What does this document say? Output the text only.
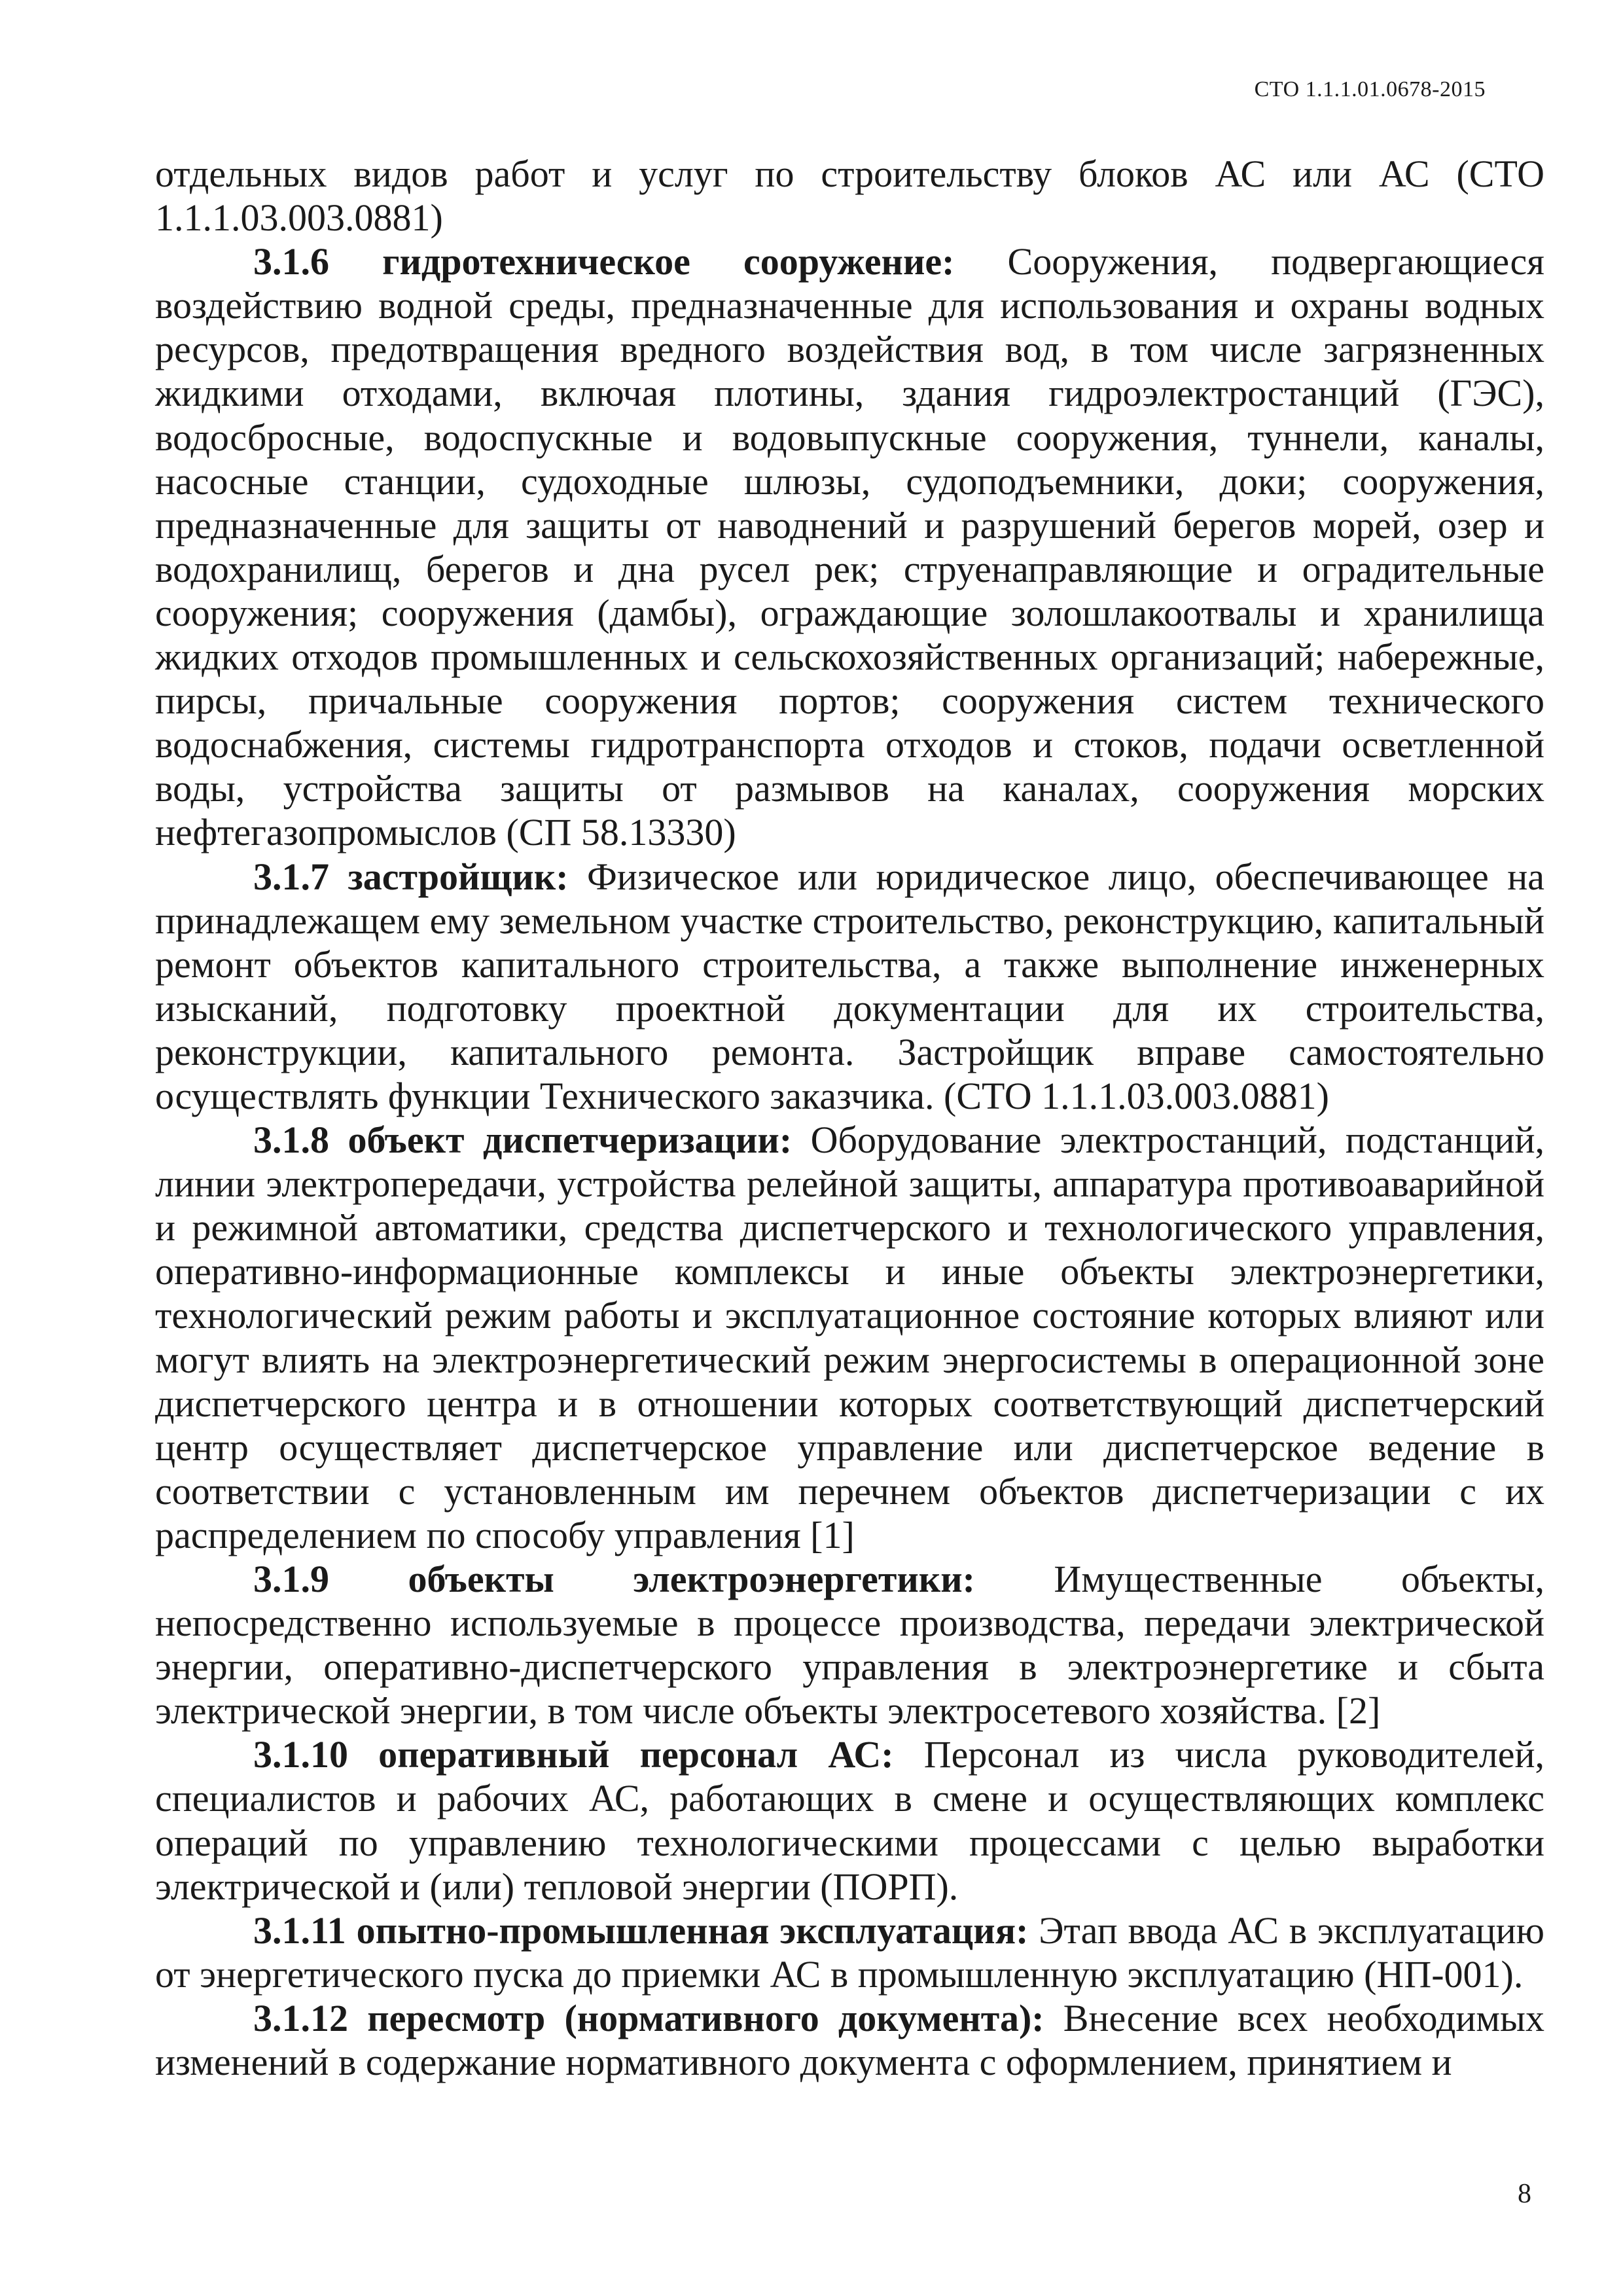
СТО 1.1.1.01.0678-2015

отдельных видов работ и услуг по строительству блоков АС или АС (СТО 1.1.1.03.003.0881)

3.1.6 гидротехническое сооружение: Сооружения, подвергающиеся воздействию водной среды, предназначенные для использования и охраны водных ресурсов, предотвращения вредного воздействия вод, в том числе загрязненных жидкими отходами, включая плотины, здания гидроэлектростанций (ГЭС), водосбросные, водоспускные и водовыпускные сооружения, туннели, каналы, насосные станции, судоходные шлюзы, судоподъемники, доки; сооружения, предназначенные для защиты от наводнений и разрушений берегов морей, озер и водохранилищ, берегов и дна русел рек; струенаправляющие и оградительные сооружения; сооружения (дамбы), ограждающие золошлакоотвалы и хранилища жидких отходов промышленных и сельскохозяйственных организаций; набережные, пирсы, причальные сооружения портов; сооружения систем технического водоснабжения, системы гидротранспорта отходов и стоков, подачи осветленной воды, устройства защиты от размывов на каналах, сооружения морских нефтегазопромыслов (СП 58.13330)

3.1.7 застройщик: Физическое или юридическое лицо, обеспечивающее на принадлежащем ему земельном участке строительство, реконструкцию, капитальный ремонт объектов капитального строительства, а также выполнение инженерных изысканий, подготовку проектной документации для их строительства, реконструкции, капитального ремонта. Застройщик вправе самостоятельно осуществлять функции Технического заказчика. (СТО 1.1.1.03.003.0881)

3.1.8 объект диспетчеризации: Оборудование электростанций, подстанций, линии электропередачи, устройства релейной защиты, аппаратура противоаварийной и режимной автоматики, средства диспетчерского и технологического управления, оперативно-информационные комплексы и иные объекты электроэнергетики, технологический режим работы и эксплуатационное состояние которых влияют или могут влиять на электроэнергетический режим энергосистемы в операционной зоне диспетчерского центра и в отношении которых соответствующий диспетчерский центр осуществляет диспетчерское управление или диспетчерское ведение в соответствии с установленным им перечнем объектов диспетчеризации с их распределением по способу управления [1]

3.1.9 объекты электроэнергетики: Имущественные объекты, непосредственно используемые в процессе производства, передачи электрической энергии, оперативно-диспетчерского управления в электроэнергетике и сбыта электрической энергии, в том числе объекты электросетевого хозяйства. [2]

3.1.10 оперативный персонал АС: Персонал из числа руководителей, специалистов и рабочих АС, работающих в смене и осуществляющих комплекс операций по управлению технологическими процессами с целью выработки электрической и (или) тепловой энергии (ПОРП).

3.1.11 опытно-промышленная эксплуатация: Этап ввода АС в эксплуатацию от энергетического пуска до приемки АС в промышленную эксплуатацию (НП-001).

3.1.12 пересмотр (нормативного документа): Внесение всех необходимых изменений в содержание нормативного документа с оформлением, принятием и

8
